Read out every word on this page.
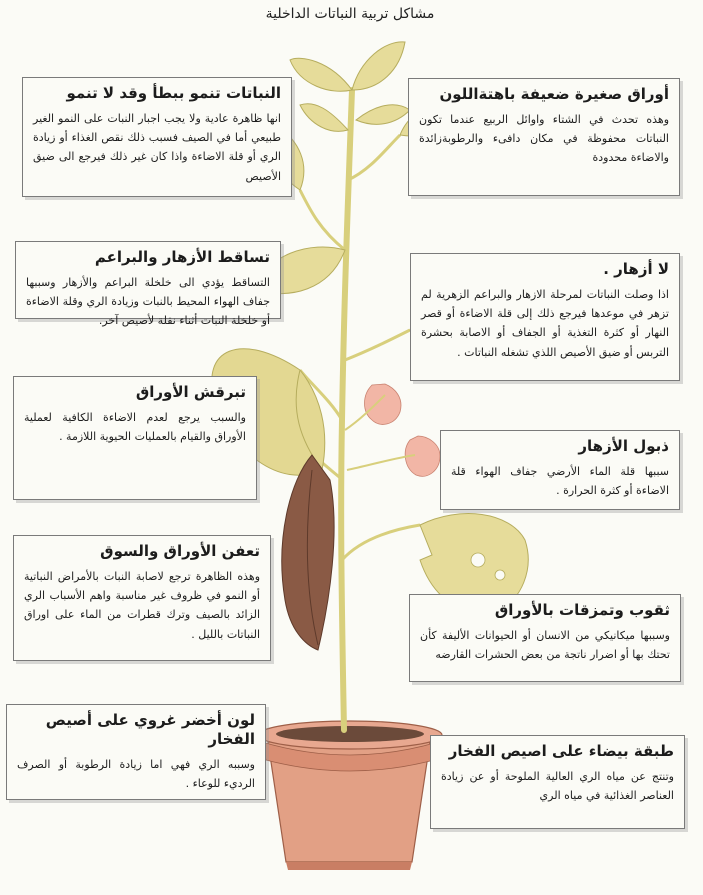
مشاكل تربية النباتات الداخلية
النباتات تنمو ببطأ وقد لا تنمو

انها ظاهرة عادية ولا يجب اجبار النبات على النمو الغير طبيعي أما في الصيف فسبب ذلك نقص الغذاء أو زيادة الري أو قلة الاضاءة واذا كان غير ذلك فيرجع الى ضيق الأصيص

أوراق صغيرة ضعيفة باهتةاللون

وهذه تحدث في الشتاء واوائل الربيع عندما تكون النباتات محفوظة في مكان دافىء والرطوبةزائدة والاضاءة محدودة

تساقط الأزهار والبراعم

التساقط يؤدي الى خلخلة البراعم والأزهار وسببها جفاف الهواء المحيط بالنبات وزيادة الري وقلة الاضاءة أو خلخلة النبات أثناء نقلة لأصيص آخر.

لا أزهار .

اذا وصلت النباتات لمرحلة الازهار والبراعم الزهرية لم تزهر في موعدها فيرجع ذلك إلى قلة الاضاءة أو قصر النهار أو كثرة التغذية أو الجفاف أو الاصابة بحشرة التربس أو ضيق الأصيص اللذي تشغله النباتات .

تبرقش الأوراق

والسبب يرجع لعدم الاضاءة الكافية لعملية الأوراق والقيام بالعمليات الحيوية اللازمة .

ذبول الأزهار

سببها قلة الماء الأرضي جفاف الهواء قلة الاضاءة أو كثرة الحرارة .

تعفن الأوراق والسوق

وهذه الظاهرة ترجع لاصابة النبات بالأمراض النباتية أو النمو في ظروف غير مناسبة واهم الأسباب الري الزائد بالصيف وترك قطرات من الماء على اوراق النباتات بالليل .

ثقوب وتمزقات بالأوراق

وسببها ميكانيكي من الانسان أو الحيوانات الأليفة كأن تحتك بها أو اضرار ناتجة من بعض الحشرات القارضه

لون أخضر غروي على أصيص الفخار

وسببه الري فهي اما زيادة الرطوبة أو الصرف الرديء للوعاء .

طبقة بيضاء على اصيص الفخار

وتنتج عن مياه الري العالية الملوحة أو عن زيادة العناصر الغذائية في مياه الري
